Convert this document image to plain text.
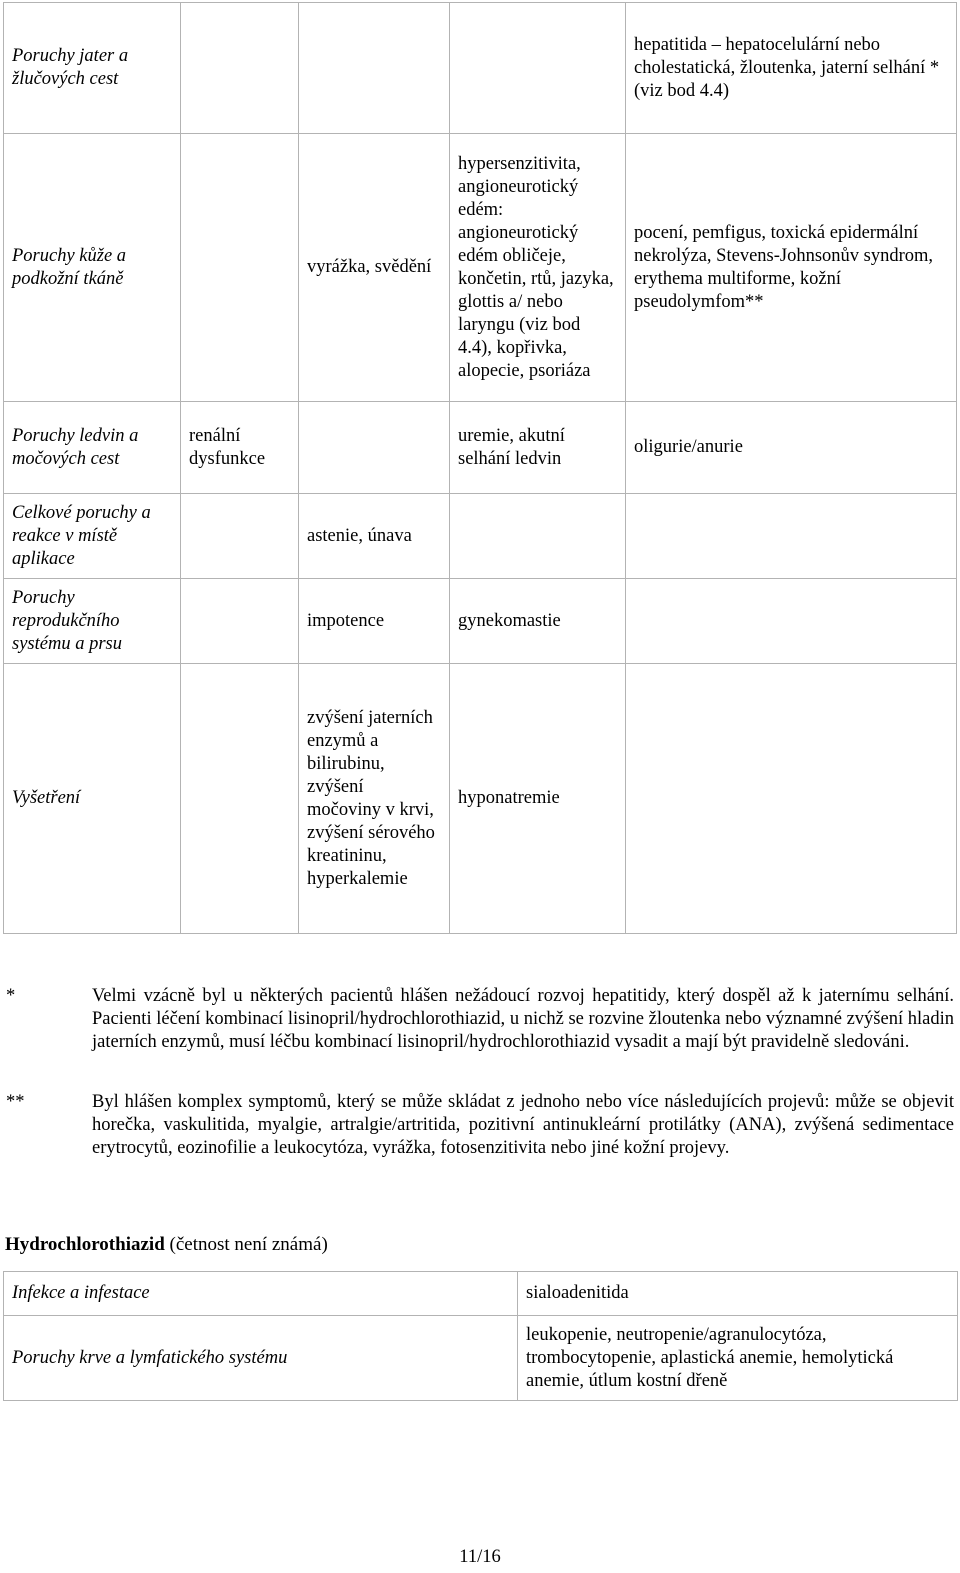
Poruchy jater a žlučových cest				hepatitida – hepatocelulární nebo cholestatická, žloutenka, jaterní selhání * (viz bod 4.4)
Poruchy kůže a podkožní tkáně		vyrážka, svědění	hypersenzitivita, angioneurotický edém: angioneurotický edém obličeje, končetin, rtů, jazyka, glottis a/ nebo laryngu (viz bod 4.4), kopřivka, alopecie, psoriáza	pocení, pemfigus, toxická epidermální nekrolýza, Stevens-Johnsonův syndrom, erythema multiforme, kožní pseudolymfom**
Poruchy ledvin a močových cest	renální dysfunkce		uremie, akutní selhání ledvin	oligurie/anurie
Celkové poruchy a reakce v místě aplikace		astenie, únava		
Poruchy reprodukčního systému a prsu		impotence	gynekomastie	
Vyšetření		zvýšení jaterních enzymů a bilirubinu, zvýšení močoviny v krvi, zvýšení sérového kreatininu, hyperkalemie	hyponatremie	
*	Velmi vzácně byl u některých pacientů hlášen nežádoucí rozvoj hepatitidy, který dospěl až k jaternímu selhání. Pacienti léčení kombinací lisinopril/hydrochlorothiazid, u nichž se rozvine žloutenka nebo významné zvýšení hladin jaterních enzymů, musí léčbu kombinací lisinopril/hydrochlorothiazid vysadit a mají být pravidelně sledováni.
**	Byl hlášen komplex symptomů, který se může skládat z jednoho nebo více následujících projevů: může se objevit horečka, vaskulitida, myalgie, artralgie/artritida, pozitivní antinukleární protilátky (ANA), zvýšená sedimentace erytrocytů, eozinofilie a leukocytóza, vyrážka, fotosenzitivita nebo jiné kožní projevy.
Hydrochlorothiazid (četnost není známá)
Infekce a infestace	sialoadenitida
Poruchy krve a lymfatického systému	leukopenie, neutropenie/agranulocytóza, trombocytopenie, aplastická anemie, hemolytická anemie, útlum kostní dřeně
11/16
